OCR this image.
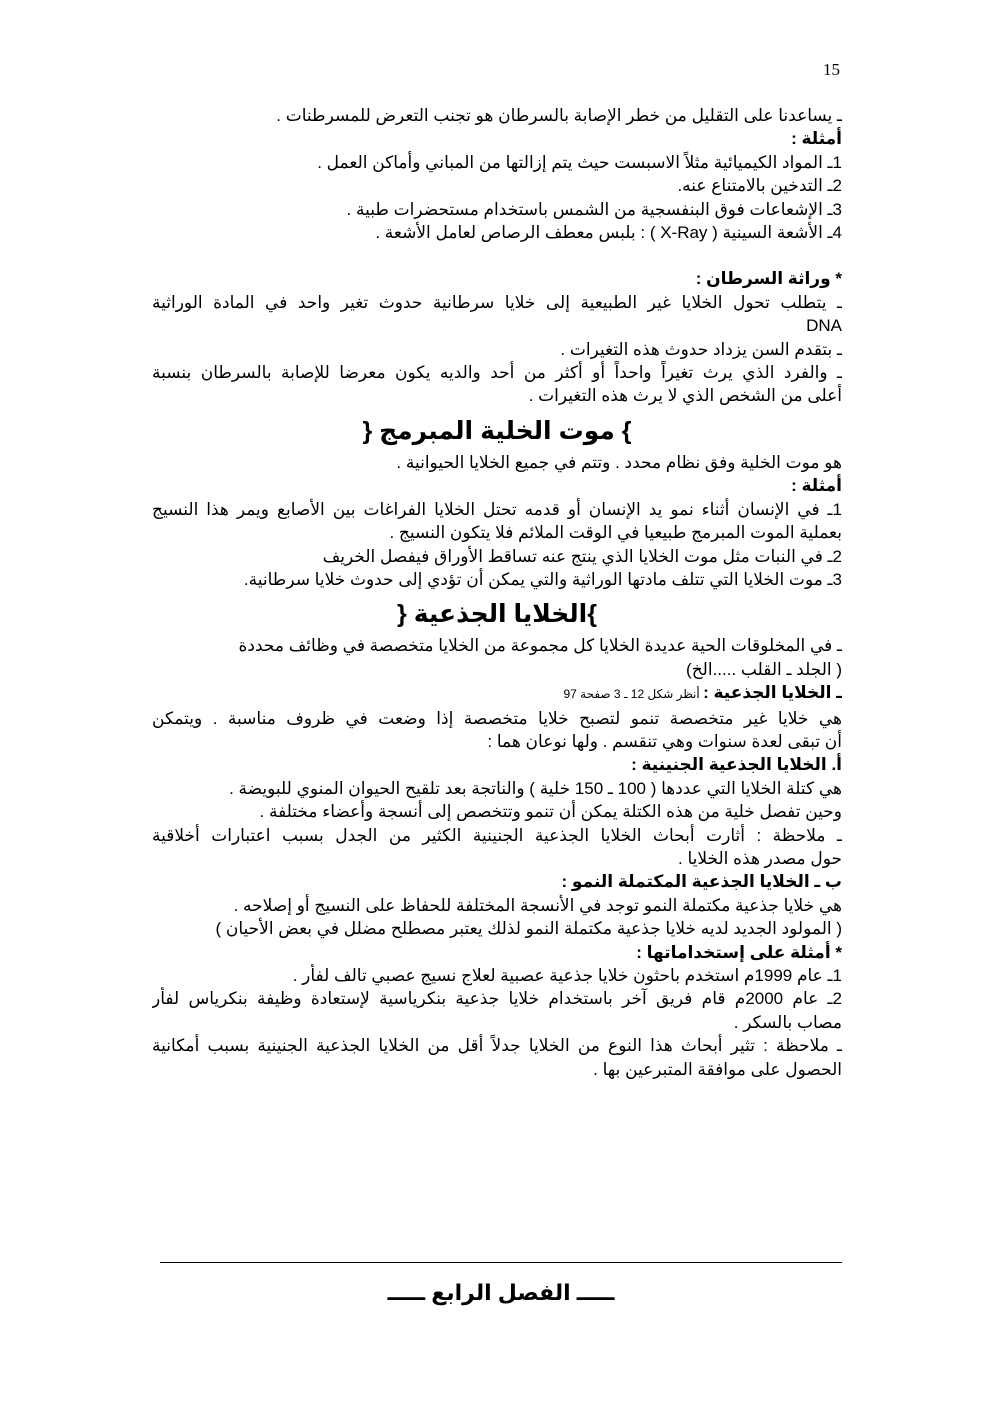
15
ـ يساعدنا على التقليل من خطر الإصابة بالسرطان هو تجنب التعرض للمسرطنات .
أمثلة :
1ـ المواد الكيميائية مثلاً الاسبست حيث يتم إزالتها من المباني وأماكن العمل .
2ـ التدخين بالامتناع عنه.
3ـ الإشعاعات فوق البنفسجية من الشمس باستخدام مستحضرات طبية .
4ـ الأشعة السينية ( X-Ray ) : بلبس معطف الرصاص لعامل الأشعة .
* وراثة السرطان :
ـ يتطلب تحول الخلايا غير الطبيعية إلى خلايا سرطانية حدوث تغير واحد في المادة الوراثية
DNA
ـ بتقدم السن يزداد حدوث هذه التغيرات .
ـ والفرد الذي يرث تغيراً واحداً أو أكثر من أحد والديه يكون معرضا للإصابة بالسرطان بنسبة
أعلى من الشخص الذي لا يرث هذه التغيرات .
} موت الخلية المبرمج {
هو موت الخلية وفق نظام محدد . وتتم في جميع الخلايا الحيوانية .
أمثلة :
1ـ في الإنسان أثناء نمو يد الإنسان أو قدمه تحتل الخلايا الفراغات بين الأصابع ويمر هذا النسيج
بعملية الموت المبرمج طبيعيا في الوقت الملائم فلا يتكون النسيج .
2ـ في النبات مثل موت الخلايا الذي ينتج عنه تساقط الأوراق فيفصل الخريف
3ـ موت الخلايا التي تتلف مادتها الوراثية والتي يمكن أن تؤدي إلى حدوث خلايا سرطانية.
}الخلايا الجذعية {
ـ في المخلوقات الحية عديدة الخلايا كل مجموعة من الخلايا متخصصة في وظائف محددة
( الجلد ـ القلب .....الخ)
ـ الخلايا الجذعية : أنظر شكل 12 ـ 3 صفحة 97
هي خلايا غير متخصصة تنمو لتصبح خلايا متخصصة إذا وضعت في ظروف مناسبة . ويتمكن
أن تبقى لعدة سنوات وهي تنقسم . ولها نوعان هما :
أ. الخلايا الجذعية الجنينية :
هي كتلة الخلايا التي عددها ( 100 ـ 150 خلية ) والناتجة بعد تلقيح الحيوان المنوي للبويضة .
وحين تفصل خلية من هذه الكتلة يمكن أن تنمو وتتخصص إلى أنسجة وأعضاء مختلفة .
ـ ملاحظة : أثارت أبحاث الخلايا الجذعية الجنينية الكثير من الجدل بسبب اعتبارات أخلاقية
حول مصدر هذه الخلايا .
ب ـ الخلايا الجذعية المكتملة النمو :
هي خلايا جذعية مكتملة النمو توجد في الأنسجة المختلفة للحفاظ على النسيج أو إصلاحه .
( المولود الجديد لديه خلايا جذعية مكتملة النمو لذلك يعتبر مصطلح مضلل في بعض الأحيان )
* أمثلة على إستخداماتها :
1ـ عام 1999م استخدم باحثون خلايا جذعية عصبية لعلاج نسيج عصبي تالف لفأر .
2ـ عام 2000م قام فريق آخر باستخدام خلايا جذعية بنكرياسية لإستعادة وظيفة بنكرياس لفأر
مصاب بالسكر .
ـ ملاحظة : تثير أبحاث هذا النوع من الخلايا جدلاً أقل من الخلايا الجذعية الجنينية بسبب أمكانية
الحصول على موافقة المتبرعين بها .
ـــــ الفصل الرابع ـــــ
